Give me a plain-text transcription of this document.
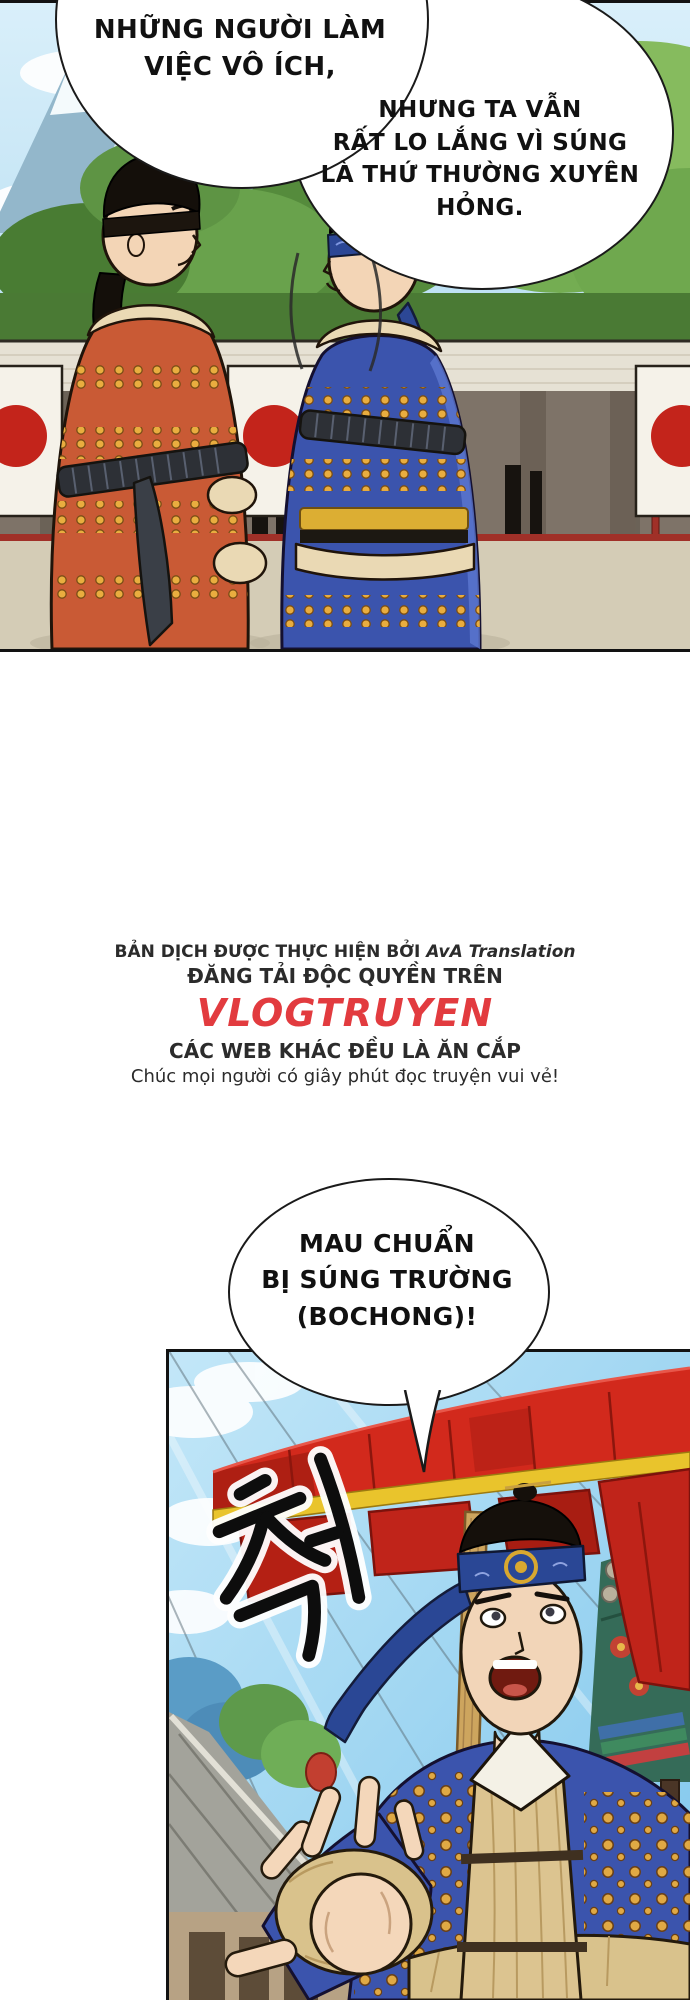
NHỮNG NGƯỜI LÀM
VIỆC VÔ ÍCH,
NHƯNG TA VẪN
RẤT LO LẮNG VÌ SÚNG
LÀ THỨ THƯỜNG XUYÊN
HỎNG.
BẢN DỊCH ĐƯỢC THỰC HIỆN BỞI AvA Translation
ĐĂNG TẢI ĐỘC QUYỀN TRÊN
VLOGTRUYEN
CÁC WEB KHÁC ĐỀU LÀ ĂN CẮP
Chúc mọi người có giây phút đọc truyện vui vẻ!
MAU CHUẨN
BỊ SÚNG TRƯỜNG
(BOCHONG)!
